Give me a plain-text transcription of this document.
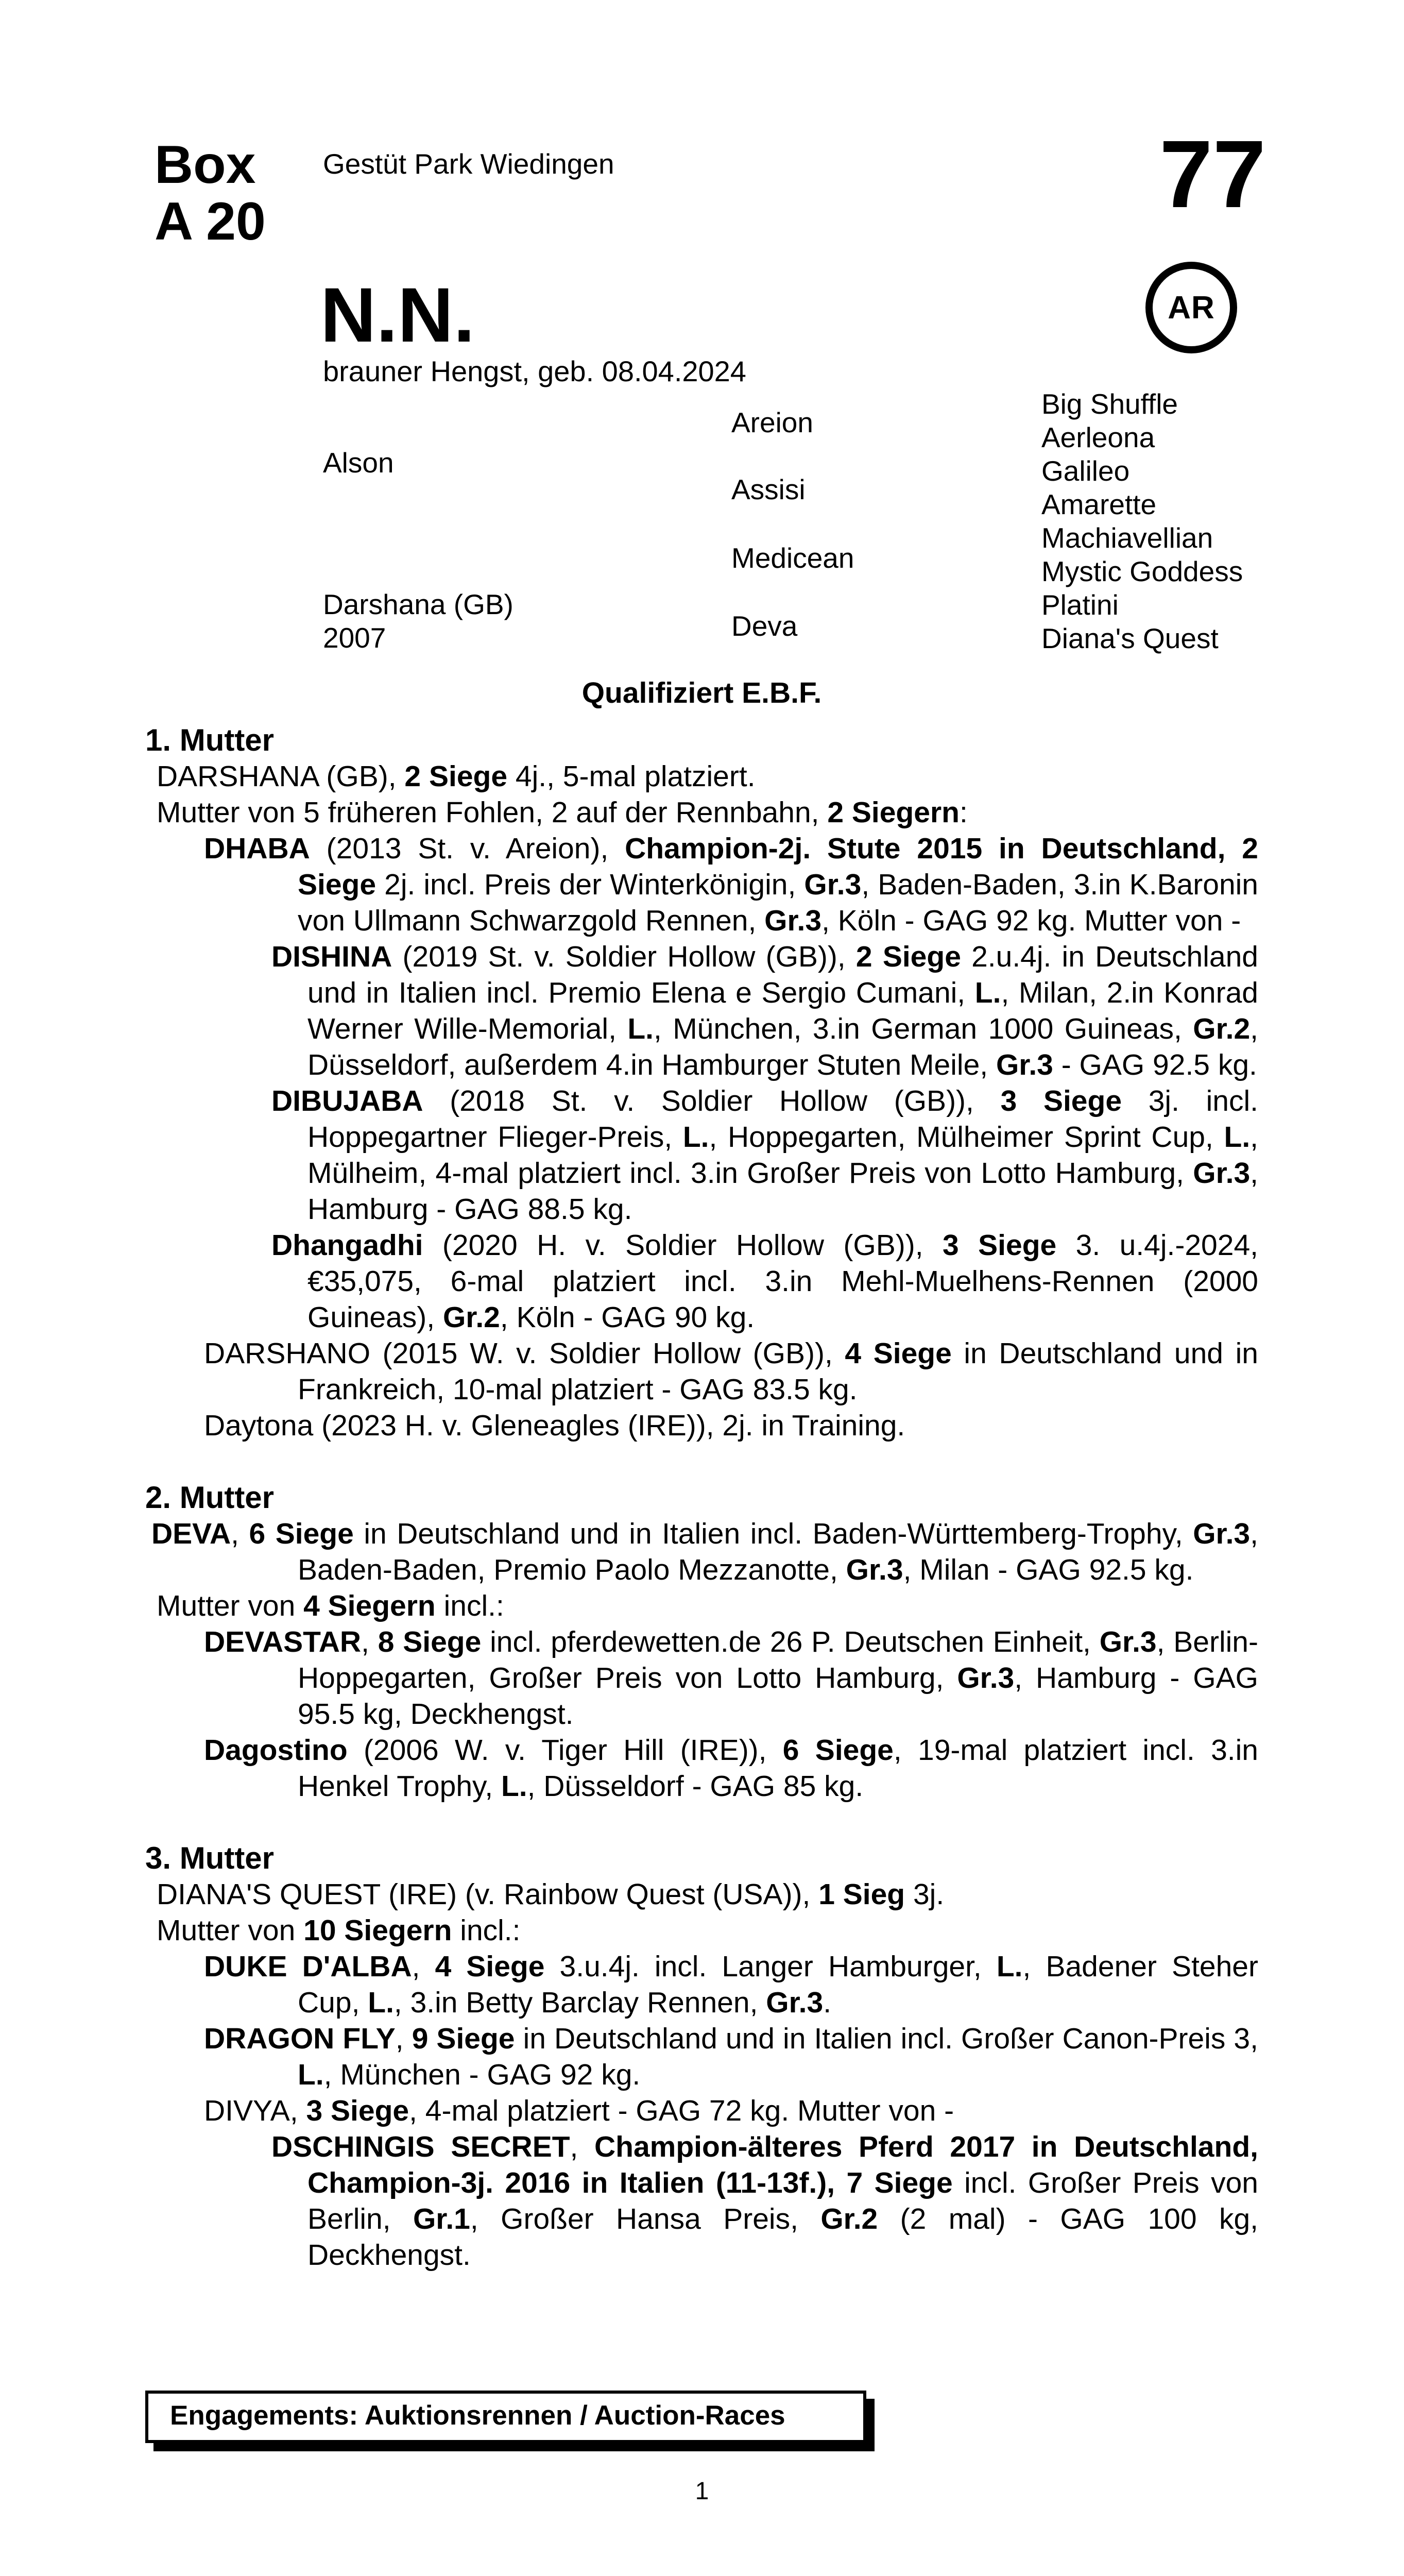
Box
A 20
Gestüt Park Wiedingen	77
AR
N.N.
brauner Hengst, geb. 08.04.2024
Alson
Darshana (GB)
2007
Areion
Assisi
Medicean
Deva
Big Shuffle
Aerleona
Galileo
Amarette
Machiavellian
Mystic Goddess
Platini
Diana's Quest
Qualifiziert E.B.F.
1. Mutter

DARSHANA (GB), 2 Siege 4j., 5-mal platziert.

Mutter von 5 früheren Fohlen, 2 auf der Rennbahn, 2 Siegern:

DHABA (2013 St. v. Areion), Champion-2j. Stute 2015 in Deutschland, 2 Siege 2j. incl. Preis der Winterkönigin, Gr.3, Baden-Baden, 3.in K.Baronin von Ullmann Schwarzgold Rennen, Gr.3, Köln - GAG 92 kg. Mutter von -

DISHINA (2019 St. v. Soldier Hollow (GB)), 2 Siege 2.u.4j. in Deutschland und in Italien incl. Premio Elena e Sergio Cumani, L., Milan, 2.in Konrad Werner Wille-Memorial, L., München, 3.in German 1000 Guineas, Gr.2, Düsseldorf, außerdem 4.in Hamburger Stuten Meile, Gr.3 - GAG 92.5 kg.

DIBUJABA (2018 St. v. Soldier Hollow (GB)), 3 Siege 3j. incl. Hoppegartner Flieger-Preis, L., Hoppegarten, Mülheimer Sprint Cup, L., Mülheim, 4-mal platziert incl. 3.in Großer Preis von Lotto Hamburg, Gr.3, Hamburg - GAG 88.5 kg.

Dhangadhi (2020 H. v. Soldier Hollow (GB)), 3 Siege 3. u.4j.-2024, €35,075, 6-mal platziert incl. 3.in Mehl-Muelhens-Rennen (2000 Guineas), Gr.2, Köln - GAG 90 kg.

DARSHANO (2015 W. v. Soldier Hollow (GB)), 4 Siege in Deutschland und in Frankreich, 10-mal platziert - GAG 83.5 kg.

Daytona (2023 H. v. Gleneagles (IRE)), 2j. in Training.

2. Mutter

DEVA, 6 Siege in Deutschland und in Italien incl. Baden-Württemberg-Trophy, Gr.3, Baden-Baden, Premio Paolo Mezzanotte, Gr.3, Milan - GAG 92.5 kg.

Mutter von 4 Siegern incl.:

DEVASTAR, 8 Siege incl. pferdewetten.de 26 P. Deutschen Einheit, Gr.3, Berlin-Hoppegarten, Großer Preis von Lotto Hamburg, Gr.3, Hamburg - GAG 95.5 kg, Deckhengst.

Dagostino (2006 W. v. Tiger Hill (IRE)), 6 Siege, 19-mal platziert incl. 3.in Henkel Trophy, L., Düsseldorf - GAG 85 kg.

3. Mutter

DIANA'S QUEST (IRE) (v. Rainbow Quest (USA)), 1 Sieg 3j.

Mutter von 10 Siegern incl.:

DUKE D'ALBA, 4 Siege 3.u.4j. incl. Langer Hamburger, L., Badener Steher Cup, L., 3.in Betty Barclay Rennen, Gr.3.

DRAGON FLY, 9 Siege in Deutschland und in Italien incl. Großer Canon-Preis 3, L., München - GAG 92 kg.

DIVYA, 3 Siege, 4-mal platziert - GAG 72 kg. Mutter von -

DSCHINGIS SECRET, Champion-älteres Pferd 2017 in Deutschland, Champion-3j. 2016 in Italien (11-13f.), 7 Siege incl. Großer Preis von Berlin, Gr.1, Großer Hansa Preis, Gr.2 (2 mal) - GAG 100 kg, Deckhengst.

Engagements: Auktionsrennen / Auction-Races
1
